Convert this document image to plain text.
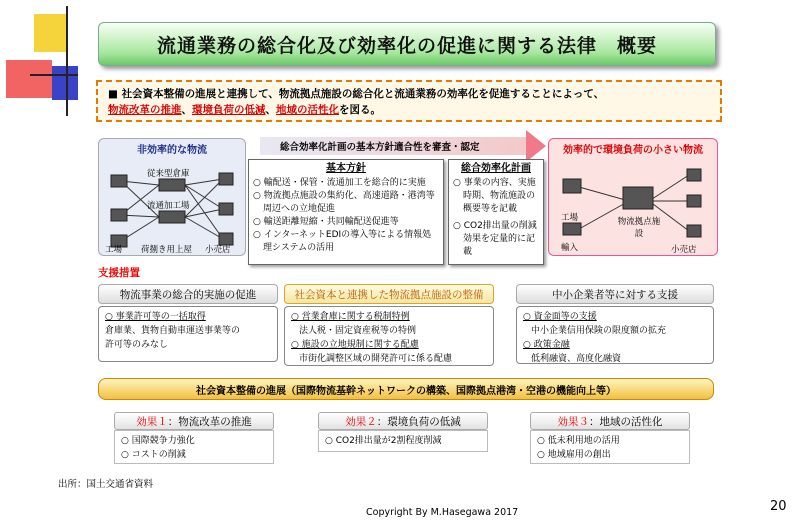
流通業務の総合化及び効率化の促進に関する法律　概要
■ 社会資本整備の進展と連携して、物流拠点施設の総合化と流通業務の効率化を促進することによって、
物流改革の推進、環境負荷の低減、地域の活性化を図る。
非効率的な物流
従来型倉庫
流通加工場
工場 荷捌き用上屋 小売店
効率的で環境負荷の小さい物流
工場	物流拠点施設
輸入	小売店
総合効率化計画の基本方針適合性を審査・認定
基本方針
○ 輸配送・保管・流通加工を総合的に実施
○ 物流拠点施設の集約化、高速道路・港湾等周辺への立地促進
○ 輸送距離短縮・共同輸配送促進等
○ インターネットEDIの導入等による情報処理システムの活用
総合効率化計画
○ 事業の内容、実施時期、物流施設の概要等を記載
○ CO2排出量の削減効果を定量的に記載
支援措置
物流事業の総合的実施の促進
○ 事業許可等の一括取得
倉庫業、貨物自動車運送事業等の
許可等のみなし
社会資本と連携した物流拠点施設の整備
○ 営業倉庫に関する税制特例
法人税・固定資産税等の特例
○ 施設の立地規制に関する配慮
市街化調整区域の開発許可に係る配慮
中小企業者等に対する支援
○ 資金面等の支援
中小企業信用保険の限度額の拡充
○ 政策金融
低利融資、高度化融資
社会資本整備の進展（国際物流基幹ネットワークの構築、国際拠点港湾・空港の機能向上等）
効果１ ：物流改革の推進
○ 国際競争力強化
○ コストの削減
効果２ ：環境負荷の低減
○ CO2排出量が2割程度削減
効果３ ：地域の活性化
○ 低未利用地の活用
○ 地域雇用の創出
出所：国土交通省資料
Copyright By M.Hasegawa 2017	20
